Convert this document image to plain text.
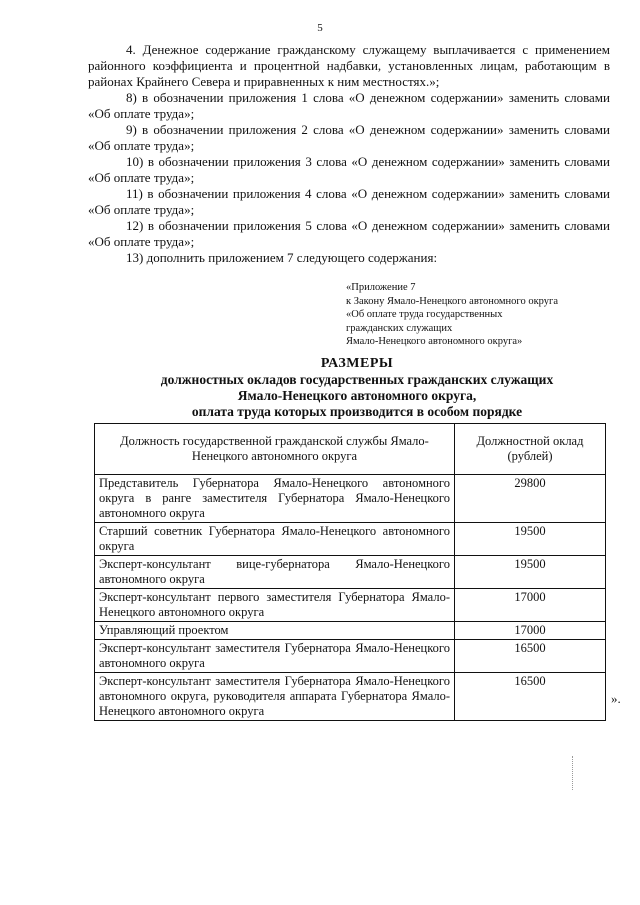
5

4. Денежное содержание гражданскому служащему выплачивается с применением районного коэффициента и процентной надбавки, установленных лицам, работающим в районах Крайнего Севера и приравненных к ним местностях.»;

8) в обозначении приложения 1 слова «О денежном содержании» заменить словами «Об оплате труда»;

9) в обозначении приложения 2 слова «О денежном содержании» заменить словами «Об оплате труда»;

10) в обозначении приложения 3 слова «О денежном содержании» заменить словами «Об оплате труда»;

11) в обозначении приложения 4 слова «О денежном содержании» заменить словами «Об оплате труда»;

12) в обозначении приложения 5 слова «О денежном содержании» заменить словами «Об оплате труда»;

13) дополнить приложением 7 следующего содержания:

«Приложение 7
к Закону Ямало-Ненецкого автономного округа
«Об оплате труда государственных
гражданских служащих
Ямало-Ненецкого автономного округа»
РАЗМЕРЫ
должностных окладов государственных гражданских служащих
Ямало-Ненецкого автономного округа,
оплата труда которых производится в особом порядке
Должность государственной гражданской службы Ямало-Ненецкого автономного округа	Должностной оклад (рублей)
Представитель Губернатора Ямало-Ненецкого автономного округа в ранге заместителя Губернатора Ямало-Ненецкого автономного округа	29800
Старший советник Губернатора Ямало-Ненецкого автономного округа	19500
Эксперт-консультант вице-губернатора Ямало-Ненецкого автономного округа	19500
Эксперт-консультант первого заместителя Губернатора Ямало-Ненецкого автономного округа	17000
Управляющий проектом	17000
Эксперт-консультант заместителя Губернатора Ямало-Ненецкого автономного округа	16500
Эксперт-консультант заместителя Губернатора Ямало-Ненецкого автономного округа, руководителя аппарата Губернатора Ямало-Ненецкого автономного округа	16500
».
